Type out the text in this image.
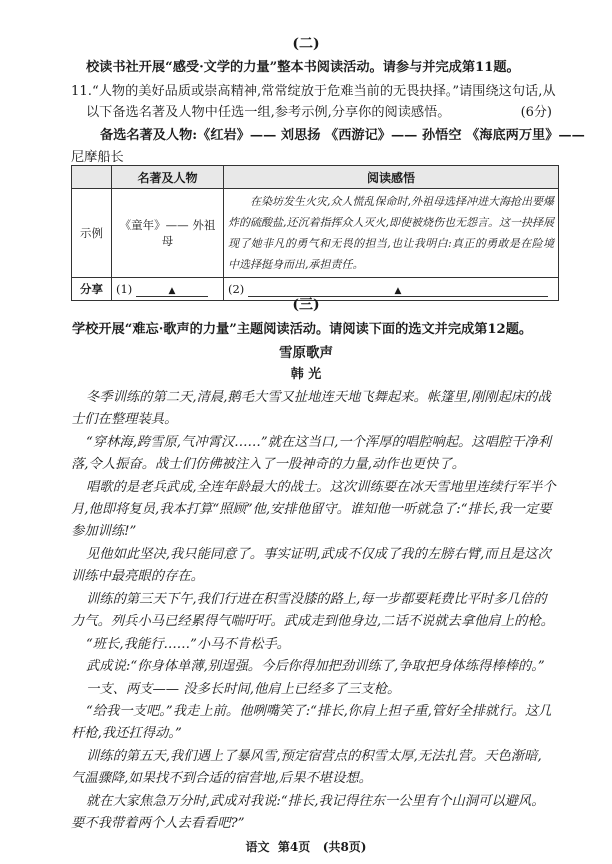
(二)
校读书社开展“感受·文学的力量”整本书阅读活动。请参与并完成第11题。
11.“人物的美好品质或崇高精神,常常绽放于危难当前的无畏抉择。”请围绕这句话,从
以下备选名著及人物中任选一组,参考示例,分享你的阅读感悟。	(6分)
备选名著及人物:《红岩》—— 刘思扬 《西游记》—— 孙悟空 《海底两万里》——
尼摩船长
	名著及人物	阅读感悟
示例	《童年》—— 外祖母	在染坊发生火灾,众人慌乱保命时,外祖母选择冲进大海抢出要爆炸的硫酸盐,还沉着指挥众人灭火,即使被烧伤也无怨言。这一抉择展现了她非凡的勇气和无畏的担当,也让我明白:真正的勇敢是在险境中选择挺身而出,承担责任。

分享	(1) ▲	(2) ▲
(三)
学校开展“难忘·歌声的力量”主题阅读活动。请阅读下面的选文并完成第12题。
雪原歌声
韩 光
冬季训练的第二天,清晨,鹅毛大雪又扯地连天地飞舞起来。帐篷里,刚刚起床的战
士们在整理装具。
“穿林海,跨雪原,气冲霄汉……”就在这当口,一个浑厚的唱腔响起。这唱腔干净利
落,令人振奋。战士们仿佛被注入了一股神奇的力量,动作也更快了。
唱歌的是老兵武成,全连年龄最大的战士。这次训练要在冰天雪地里连续行军半个
月,他即将复员,我本打算“照顾”他,安排他留守。谁知他一听就急了:“排长,我一定要
参加训练!”
见他如此坚决,我只能同意了。事实证明,武成不仅成了我的左膀右臂,而且是这次
训练中最亮眼的存在。
训练的第三天下午,我们行进在积雪没膝的路上,每一步都要耗费比平时多几倍的
力气。列兵小马已经累得气喘吁吁。武成走到他身边,二话不说就去拿他肩上的枪。
“班长,我能行……”小马不肯松手。
武成说:“你身体单薄,别逞强。今后你得加把劲训练了,争取把身体练得棒棒的。”
一支、两支—— 没多长时间,他肩上已经多了三支枪。
“给我一支吧。”我走上前。他咧嘴笑了:“排长,你肩上担子重,管好全排就行。这几
杆枪,我还扛得动。”
训练的第五天,我们遇上了暴风雪,预定宿营点的积雪太厚,无法扎营。天色渐暗,
气温骤降,如果找不到合适的宿营地,后果不堪设想。
就在大家焦急万分时,武成对我说:“排长,我记得往东一公里有个山洞可以避风。
要不我带着两个人去看看吧?”
语文 第4页 (共8页)
